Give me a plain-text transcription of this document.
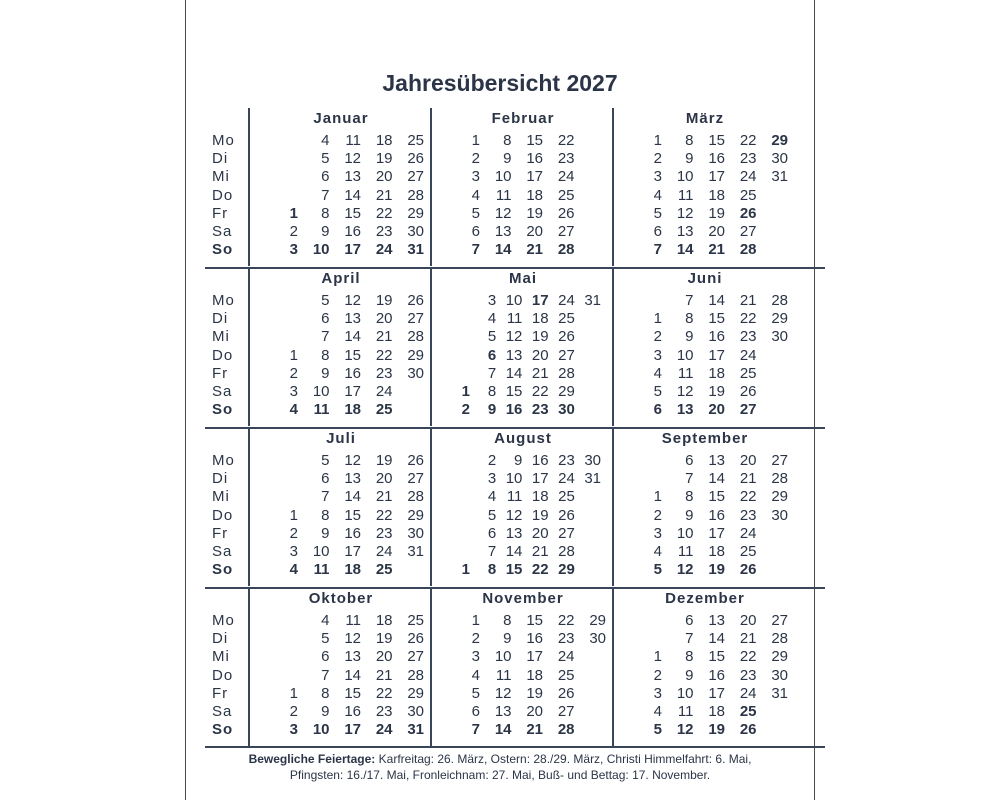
Jahresübersicht 2027
Mo
Di
Mi
Do
Fr
Sa
So
Januar
1
2
3
4
5
6
7
8
9
10
11
12
13
14
15
16
17
18
19
20
21
22
23
24
25
26
27
28
29
30
31
Februar
1
2
3
4
5
6
7
8
9
10
11
12
13
14
15
16
17
18
19
20
21
22
23
24
25
26
27
28
März
1
2
3
4
5
6
7
8
9
10
11
12
13
14
15
16
17
18
19
20
21
22
23
24
25
26
27
28
29
30
31
Mo
Di
Mi
Do
Fr
Sa
So
April
1
2
3
4
5
6
7
8
9
10
11
12
13
14
15
16
17
18
19
20
21
22
23
24
25
26
27
28
29
30
Mai
1
2
3
4
5
6
7
8
9
10
11
12
13
14
15
16
17
18
19
20
21
22
23
24
25
26
27
28
29
30
31
Juni
1
2
3
4
5
6
7
8
9
10
11
12
13
14
15
16
17
18
19
20
21
22
23
24
25
26
27
28
29
30
Mo
Di
Mi
Do
Fr
Sa
So
Juli
1
2
3
4
5
6
7
8
9
10
11
12
13
14
15
16
17
18
19
20
21
22
23
24
25
26
27
28
29
30
31
August
1
2
3
4
5
6
7
8
9
10
11
12
13
14
15
16
17
18
19
20
21
22
23
24
25
26
27
28
29
30
31
September
1
2
3
4
5
6
7
8
9
10
11
12
13
14
15
16
17
18
19
20
21
22
23
24
25
26
27
28
29
30
Mo
Di
Mi
Do
Fr
Sa
So
Oktober
1
2
3
4
5
6
7
8
9
10
11
12
13
14
15
16
17
18
19
20
21
22
23
24
25
26
27
28
29
30
31
November
1
2
3
4
5
6
7
8
9
10
11
12
13
14
15
16
17
18
19
20
21
22
23
24
25
26
27
28
29
30
Dezember
1
2
3
4
5
6
7
8
9
10
11
12
13
14
15
16
17
18
19
20
21
22
23
24
25
26
27
28
29
30
31
Bewegliche Feiertage: Karfreitag: 26. März, Ostern: 28./29. März, Christi Himmelfahrt: 6. Mai,
Pfingsten: 16./17. Mai, Fronleichnam: 27. Mai, Buß- und Bettag: 17. November.
